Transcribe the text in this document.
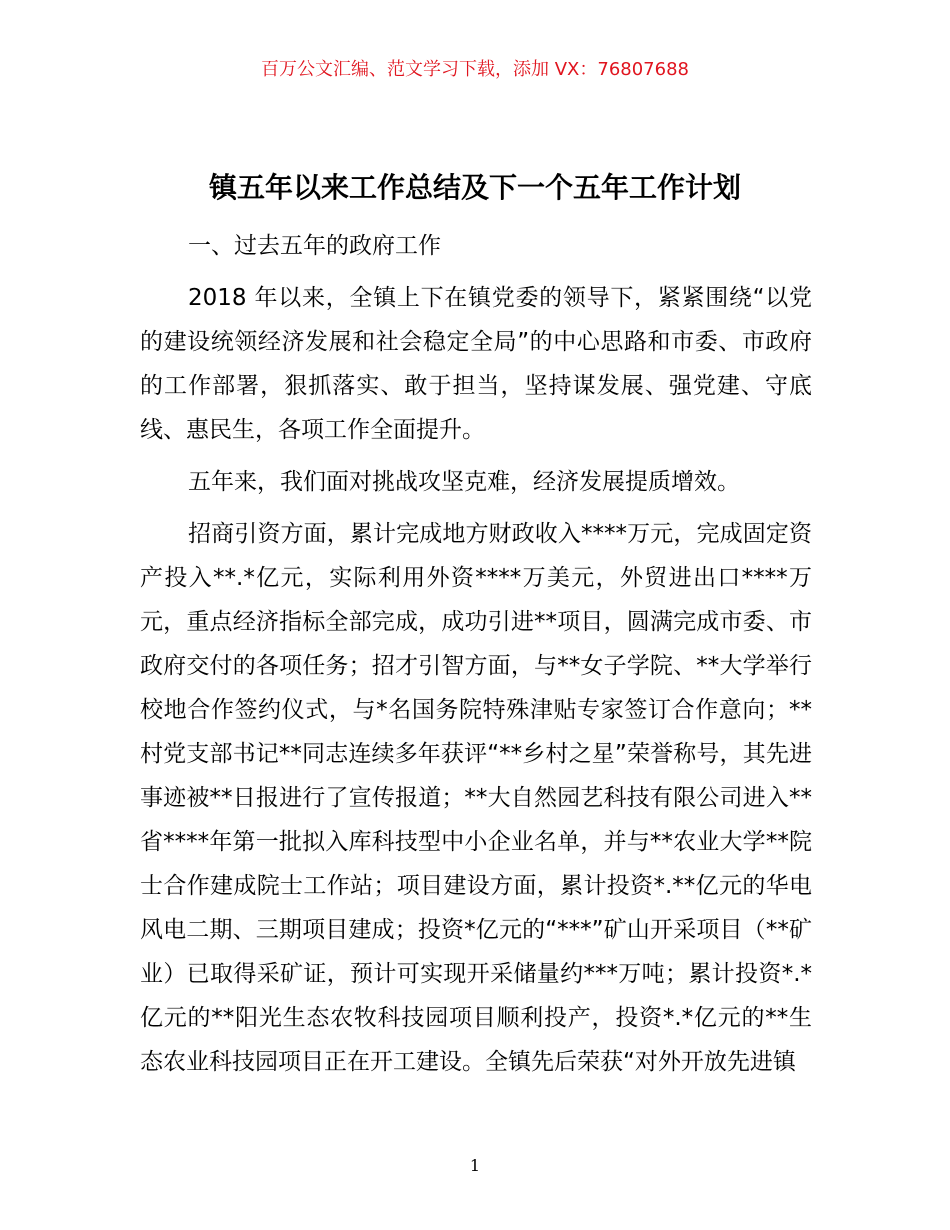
百万公文汇编、范文学习下载，添加 VX：76807688
镇五年以来工作总结及下一个五年工作计划

一、过去五年的政府工作

2018 年以来，全镇上下在镇党委的领导下，紧紧围绕“以党的建设统领经济发展和社会稳定全局”的中心思路和市委、市政府的工作部署，狠抓落实、敢于担当，坚持谋发展、强党建、守底线、惠民生，各项工作全面提升。

五年来，我们面对挑战攻坚克难，经济发展提质增效。

招商引资方面，累计完成地方财政收入****万元，完成固定资产投入**.*亿元，实际利用外资****万美元，外贸进出口****万元，重点经济指标全部完成，成功引进**项目，圆满完成市委、市政府交付的各项任务；招才引智方面，与**女子学院、**大学举行校地合作签约仪式，与*名国务院特殊津贴专家签订合作意向；**村党支部书记**同志连续多年获评“**乡村之星”荣誉称号，其先进事迹被**日报进行了宣传报道；**大自然园艺科技有限公司进入**省****年第一批拟入库科技型中小企业名单，并与**农业大学**院士合作建成院士工作站；项目建设方面，累计投资*.**亿元的华电风电二期、三期项目建成；投资*亿元的“***”矿山开采项目（**矿业）已取得采矿证，预计可实现开采储量约***万吨；累计投资*.*亿元的**阳光生态农牧科技园项目顺利投产，投资*.*亿元的**生态农业科技园项目正在开工建设。全镇先后荣获“对外开放先进镇

1
